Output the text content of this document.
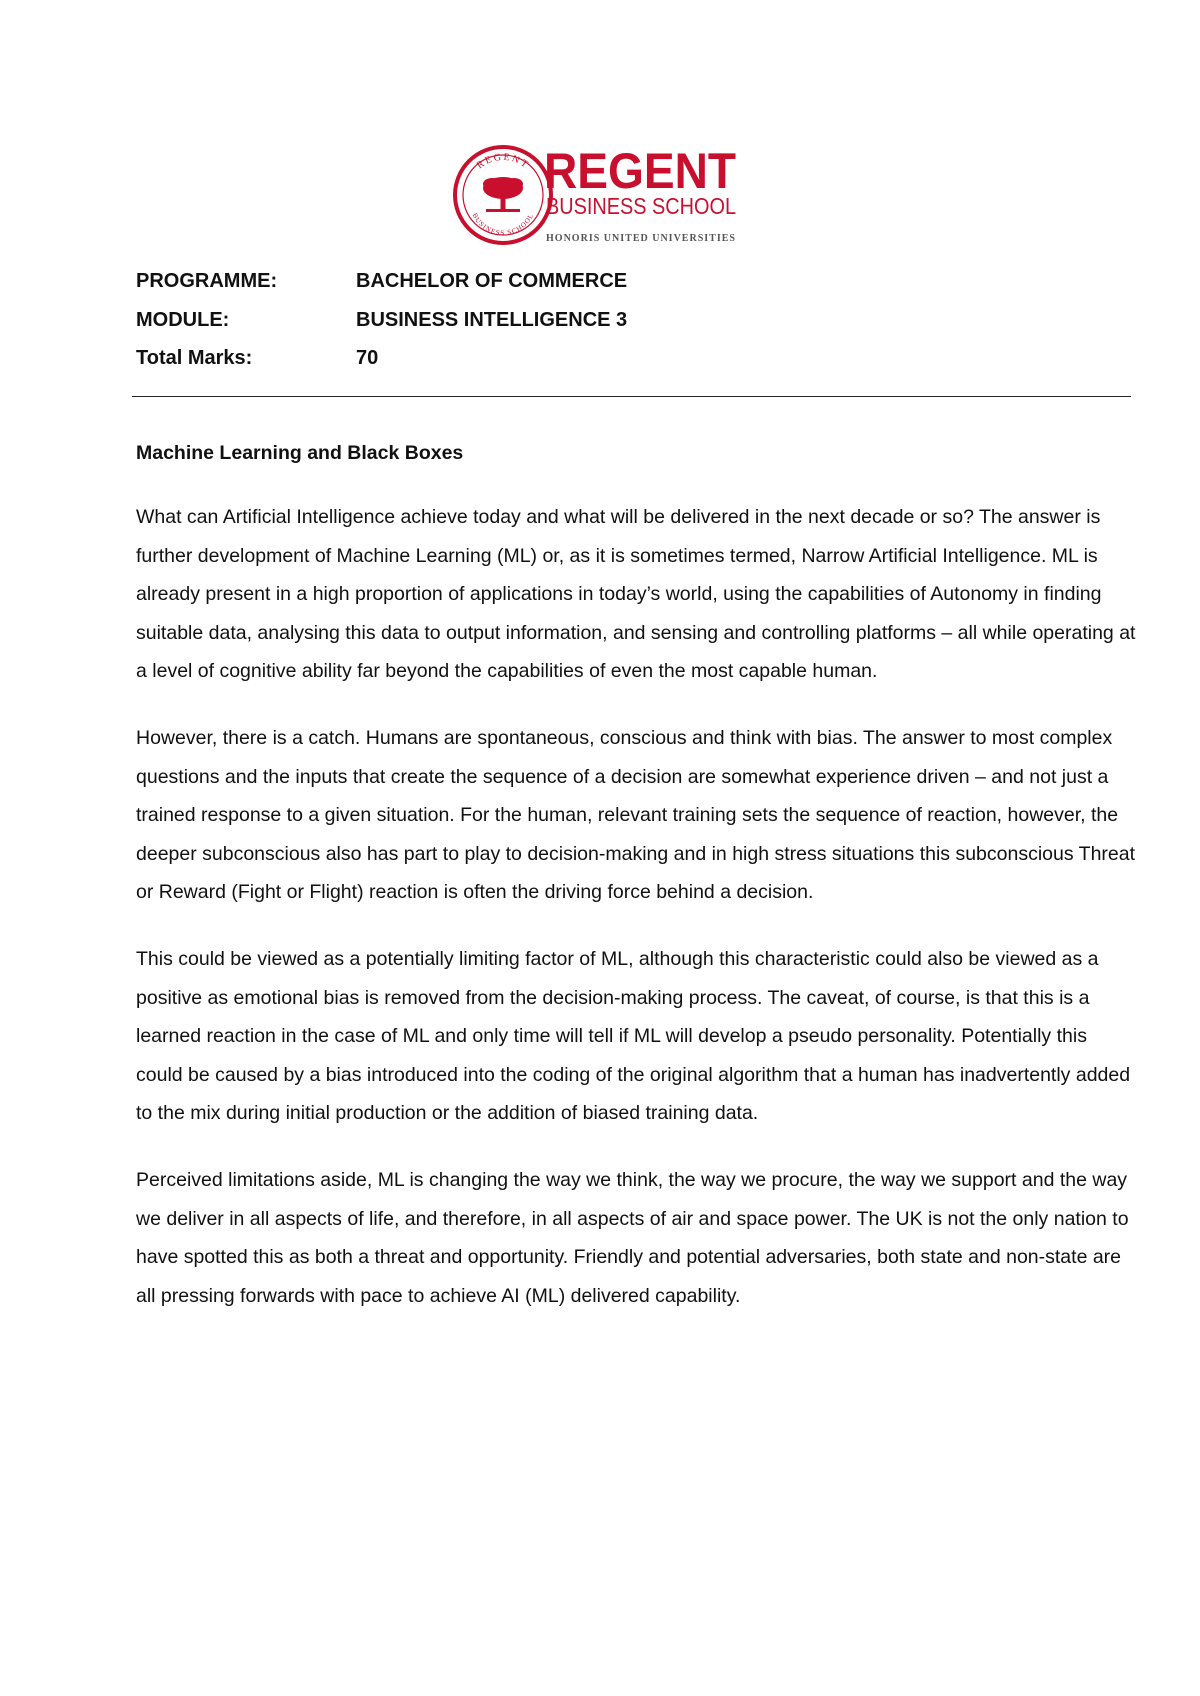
REGENT
BUSINESS SCHOOL
REGENT
BUSINESS SCHOOL
HONORIS UNITED UNIVERSITIES
PROGRAMME:	BACHELOR OF COMMERCE
MODULE:	BUSINESS INTELLIGENCE 3
Total Marks:	70
Machine Learning and Black Boxes

What can Artificial Intelligence achieve today and what will be delivered in the next decade or so? The answer is further development of Machine Learning (ML) or, as it is sometimes termed, Narrow Artificial Intelligence. ML is already present in a high proportion of applications in today’s world, using the capabilities of Autonomy in finding suitable data, analysing this data to output information, and sensing and controlling platforms – all while operating at a level of cognitive ability far beyond the capabilities of even the most capable human.

However, there is a catch. Humans are spontaneous, conscious and think with bias. The answer to most complex questions and the inputs that create the sequence of a decision are somewhat experience driven – and not just a trained response to a given situation. For the human, relevant training sets the sequence of reaction, however, the deeper subconscious also has part to play to decision-making and in high stress situations this subconscious Threat or Reward (Fight or Flight) reaction is often the driving force behind a decision.

This could be viewed as a potentially limiting factor of ML, although this characteristic could also be viewed as a positive as emotional bias is removed from the decision-making process. The caveat, of course, is that this is a learned reaction in the case of ML and only time will tell if ML will develop a pseudo personality. Potentially this could be caused by a bias introduced into the coding of the original algorithm that a human has inadvertently added to the mix during initial production or the addition of biased training data.

Perceived limitations aside, ML is changing the way we think, the way we procure, the way we support and the way we deliver in all aspects of life, and therefore, in all aspects of air and space power. The UK is not the only nation to have spotted this as both a threat and opportunity. Friendly and potential adversaries, both state and non-state are all pressing forwards with pace to achieve AI (ML) delivered capability.
